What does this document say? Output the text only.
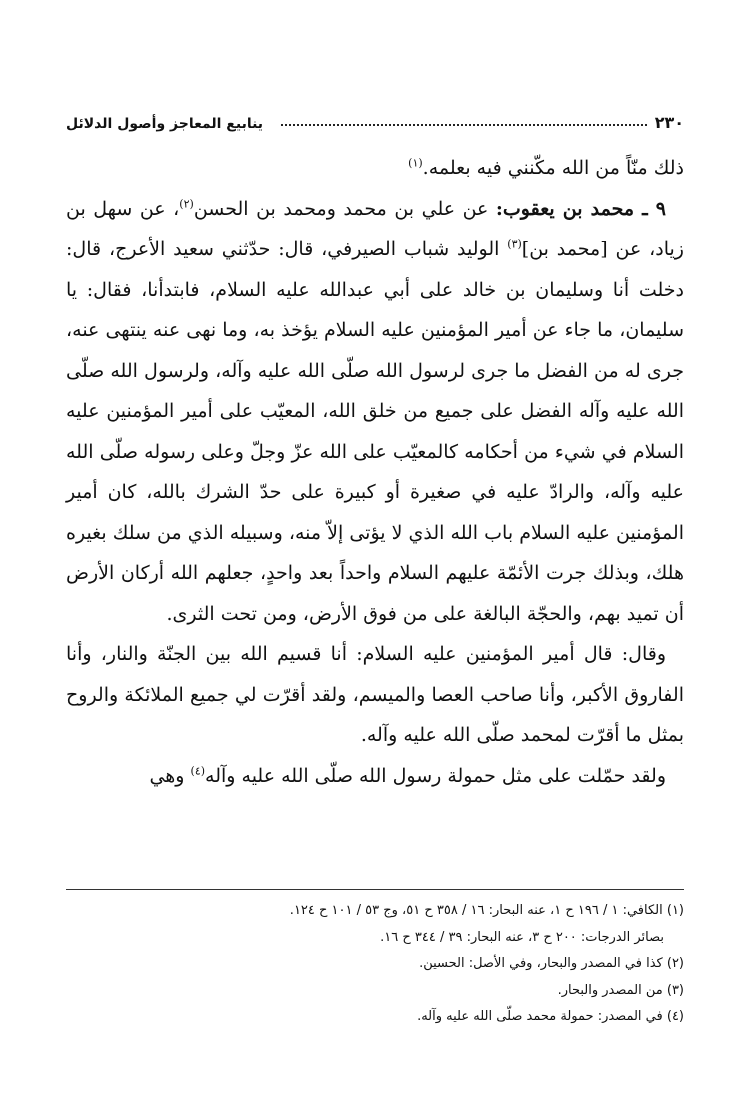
٢٣٠
ينابيع المعاجز وأصول الدلائل

ذلك منّاً من الله مكّنني فيه بعلمه.$^{(١)}$

٩ ـ محمد بن يعقوب: عن علي بن محمد ومحمد بن الحسن$^{(٢)}$، عن سهل بن زياد، عن [محمد بن]$^{(٣)}$ الوليد شباب الصيرفي، قال: حدّثني سعيد الأعرج، قال: دخلت أنا وسليمان بن خالد على أبي عبدالله عليه السلام، فابتدأنا، فقال: يا سليمان، ما جاء عن أمير المؤمنين عليه السلام يؤخذ به، وما نهى عنه ينتهى عنه، جرى له من الفضل ما جرى لرسول الله صلّى الله عليه وآله، ولرسول الله صلّى الله عليه وآله الفضل على جميع من خلق الله، المعيّب على أمير المؤمنين عليه السلام في شيء من أحكامه كالمعيّب على الله عزّ وجلّ وعلى رسوله صلّى الله عليه وآله، والرادّ عليه في صغيرة أو كبيرة على حدّ الشرك بالله، كان أمير المؤمنين عليه السلام باب الله الذي لا يؤتى إلاّ منه، وسبيله الذي من سلك بغيره هلك، وبذلك جرت الأئمّة عليهم السلام واحداً بعد واحدٍ، جعلهم الله أركان الأرض أن تميد بهم، والحجّة البالغة على من فوق الأرض، ومن تحت الثرى.

وقال: قال أمير المؤمنين عليه السلام: أنا قسيم الله بين الجنّة والنار، وأنا الفاروق الأكبر، وأنا صاحب العصا والميسم، ولقد أقرّت لي جميع الملائكة والروح بمثل ما أقرّت لمحمد صلّى الله عليه وآله.

ولقد حمّلت على مثل حمولة رسول الله صلّى الله عليه وآله$^{(٤)}$ وهي

(١) الكافي: ١ / ١٩٦ ح ١، عنه البحار: ١٦ / ٣٥٨ ح ٥١، وج ٥٣ / ١٠١ ح ١٢٤.

بصائر الدرجات: ٢٠٠ ح ٣، عنه البحار: ٣٩ / ٣٤٤ ح ١٦.

(٢) كذا في المصدر والبحار، وفي الأصل: الحسين.

(٣) من المصدر والبحار.

(٤) في المصدر: حمولة محمد صلّى الله عليه وآله.
